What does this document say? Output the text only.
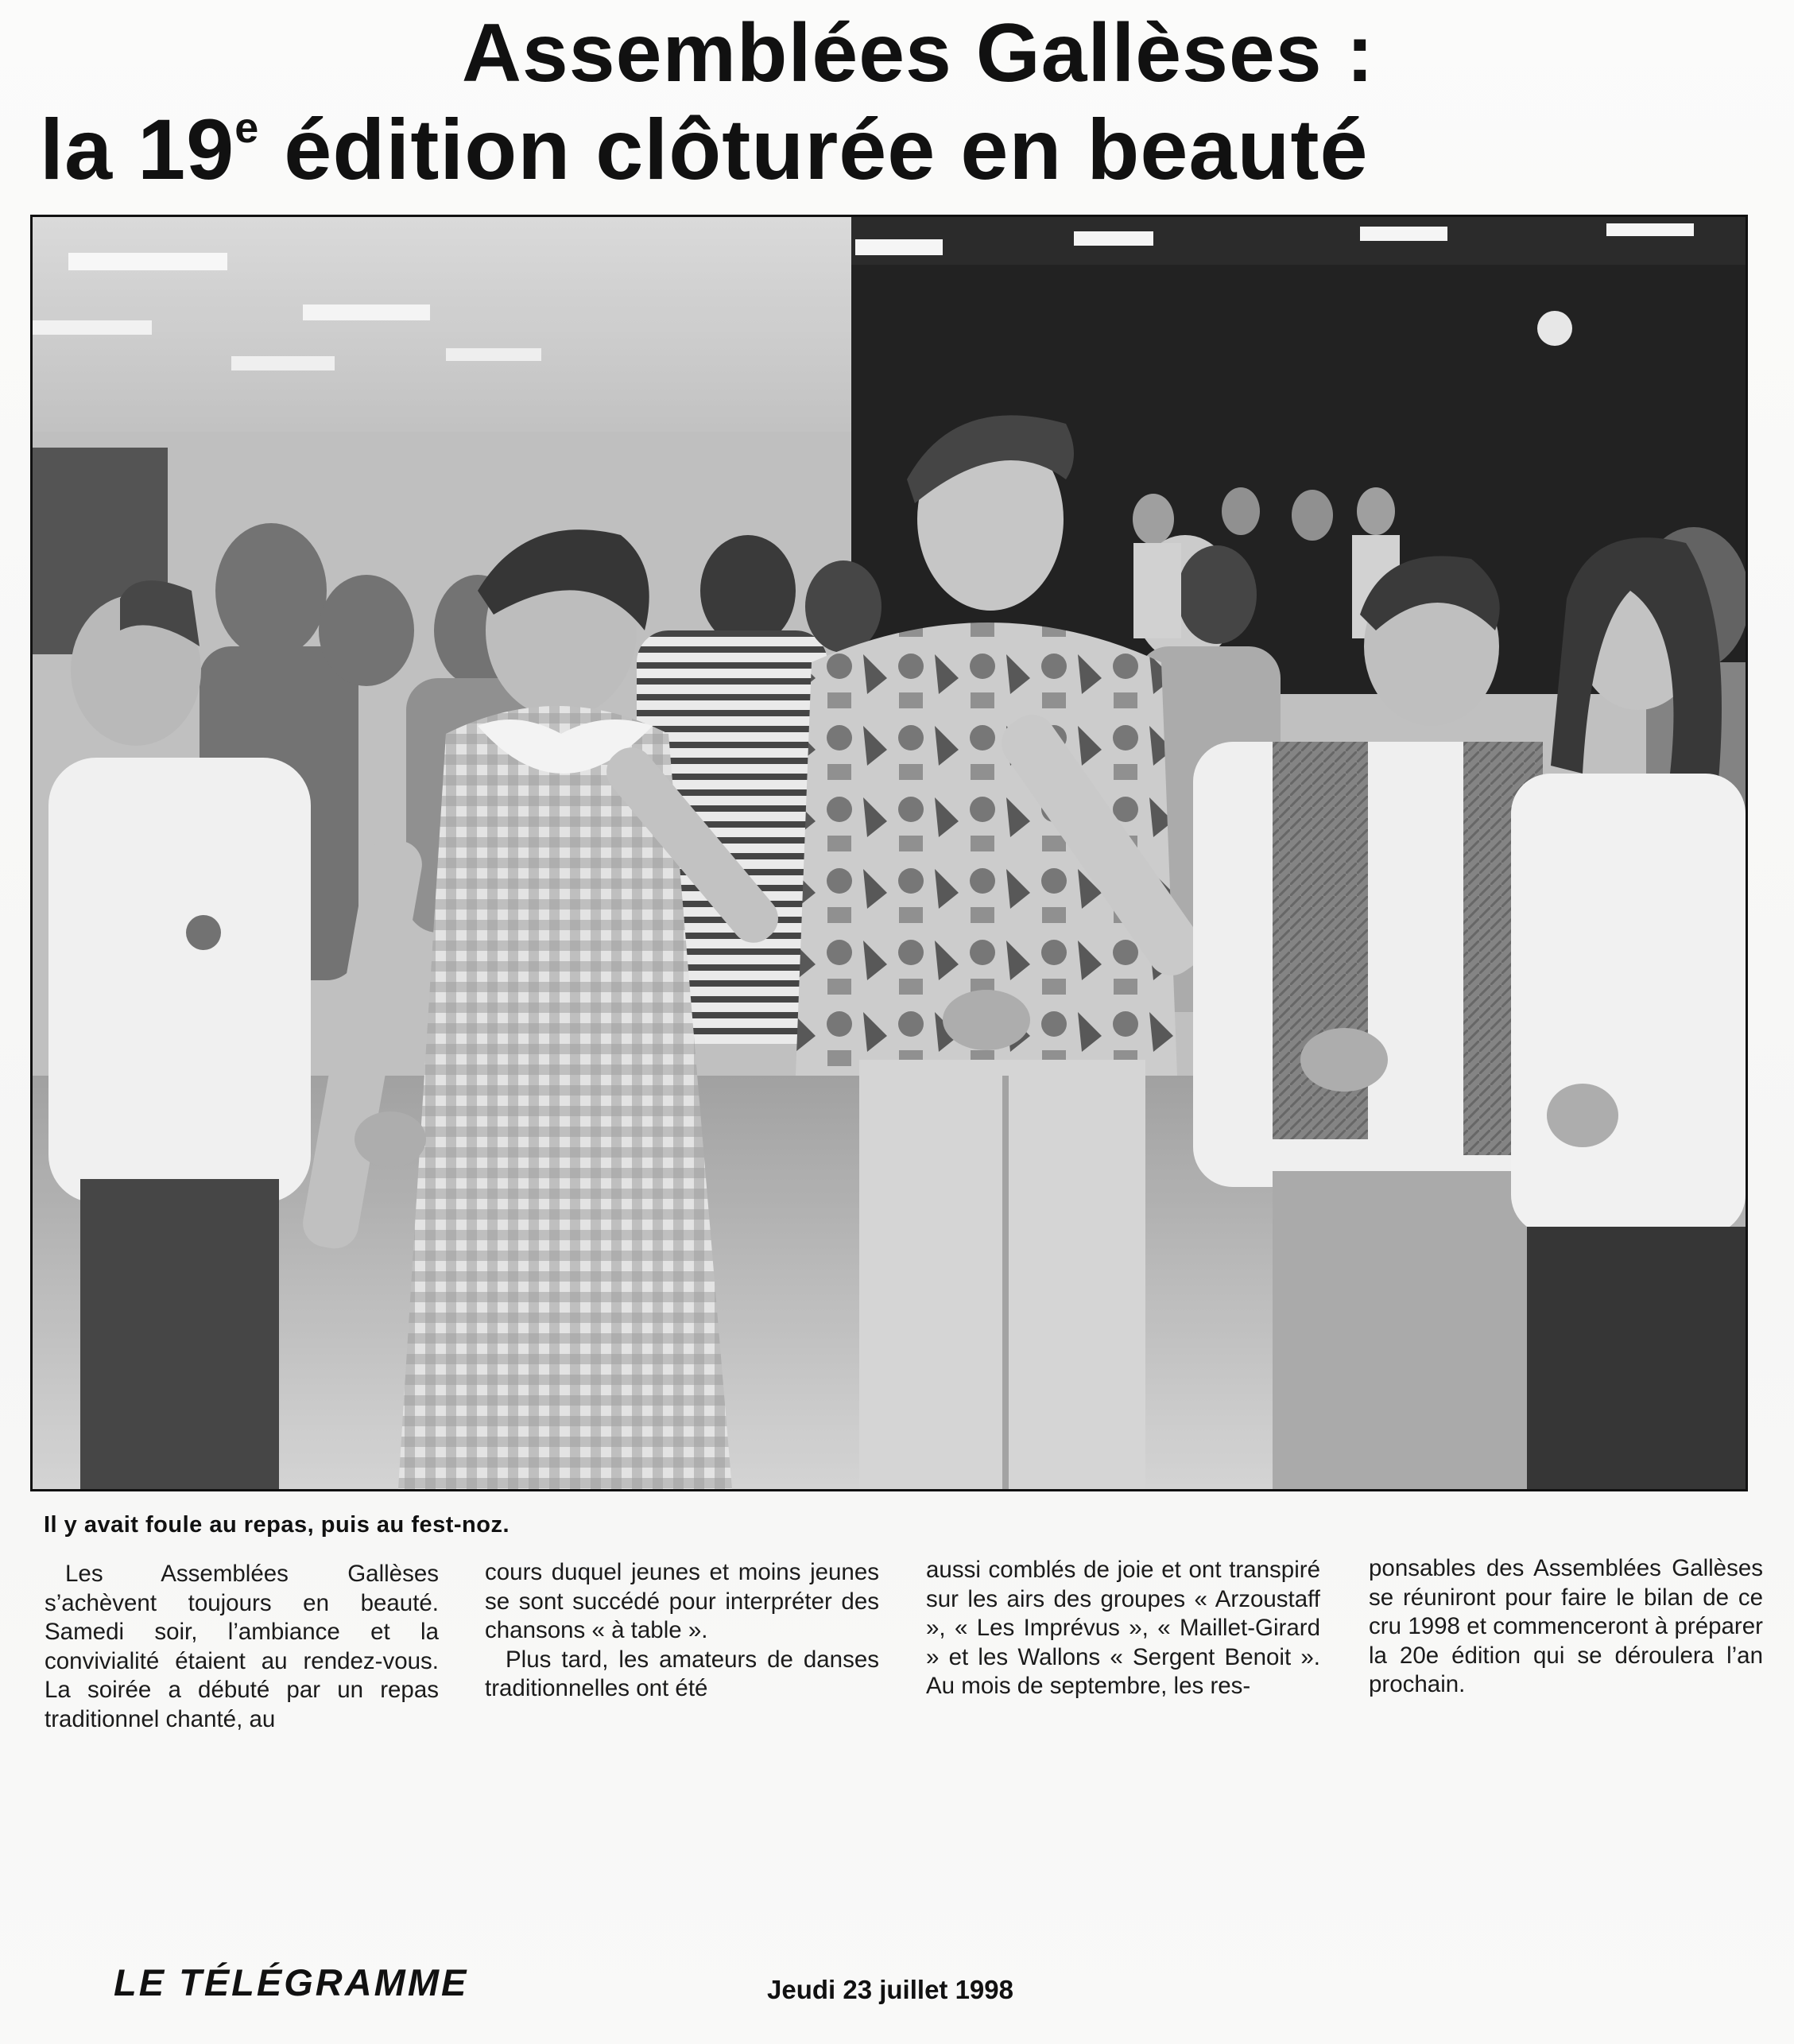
Assemblées Gallèses :
la 19e édition clôturée en beauté
Il y avait foule au repas, puis au fest-noz.

Les Assemblées Gallèses s’achèvent toujours en beauté. Samedi soir, l’ambiance et la convivialité étaient au rendez-vous. La soirée a débuté par un repas traditionnel chanté, au

cours duquel jeunes et moins jeunes se sont succédé pour interpréter des chansons « à table ».

Plus tard, les amateurs de danses traditionnelles ont été

aussi comblés de joie et ont transpiré sur les airs des groupes « Arzoustaff », « Les Imprévus », « Maillet-Girard » et les Wallons « Sergent Benoit ». Au mois de septembre, les res-

ponsables des Assemblées Gallèses se réuniront pour faire le bilan de ce cru 1998 et commenceront à préparer la 20e édition qui se déroulera l’an prochain.

LE TÉLÉGRAMME	Jeudi 23 juillet 1998
